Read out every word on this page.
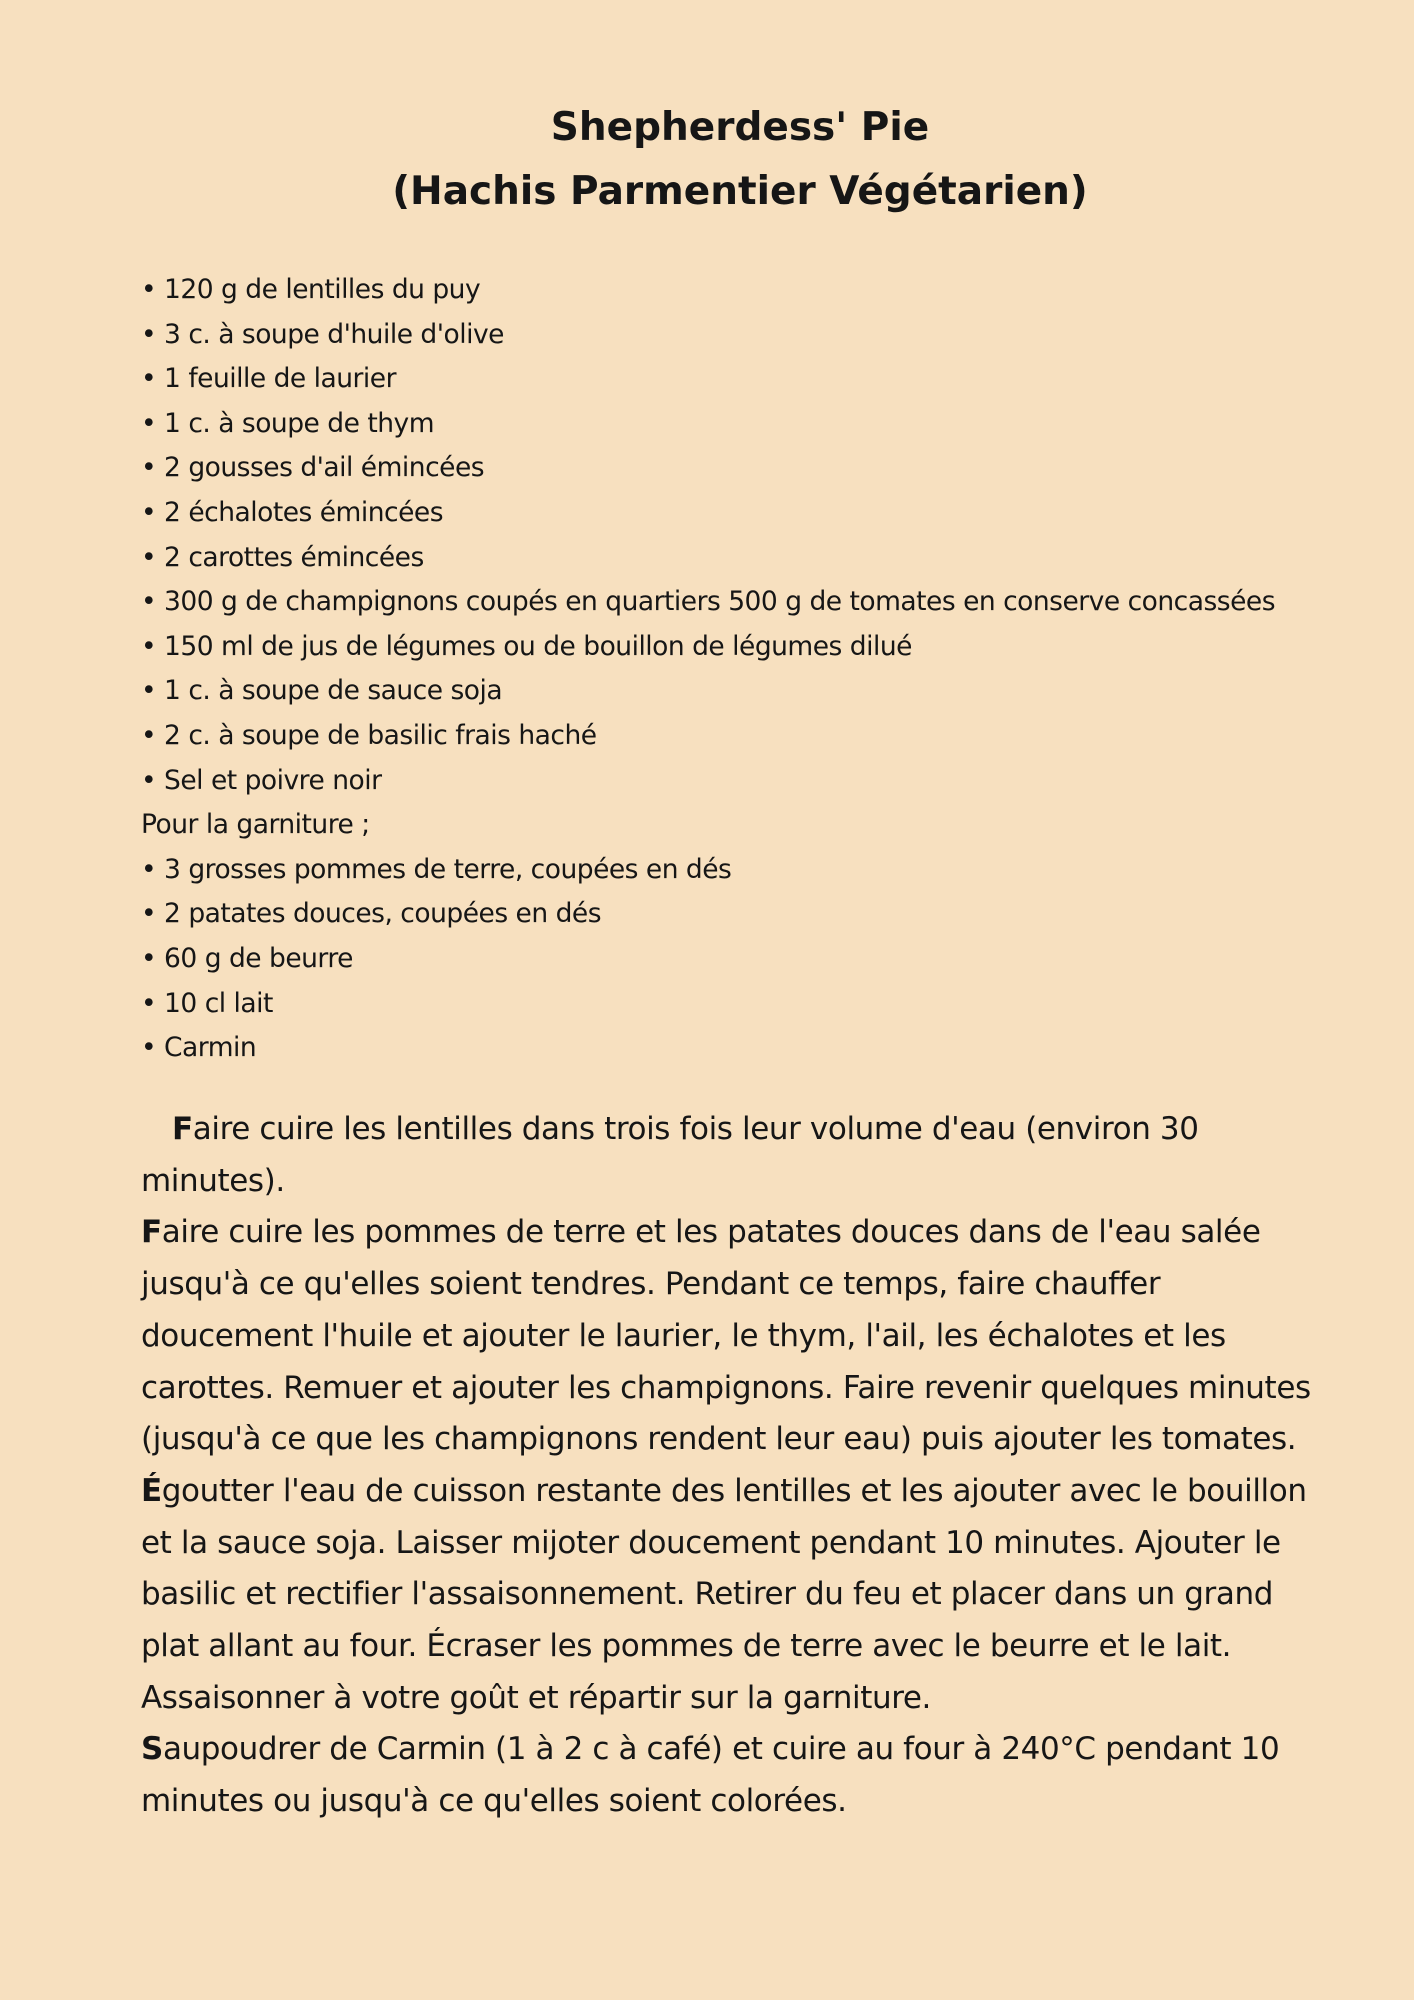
Shepherdess' Pie
(Hachis Parmentier Végétarien)
• 120 g de lentilles du puy
• 3 c. à soupe d'huile d'olive
• 1 feuille de laurier
• 1 c. à soupe de thym
• 2 gousses d'ail émincées
• 2 échalotes émincées
• 2 carottes émincées
• 300 g de champignons coupés en quartiers 500 g de tomates en conserve concassées
• 150 ml de jus de légumes ou de bouillon de légumes dilué
• 1 c. à soupe de sauce soja
• 2 c. à soupe de basilic frais haché
• Sel et poivre noir
Pour la garniture ;
• 3 grosses pommes de terre, coupées en dés
• 2 patates douces, coupées en dés
• 60 g de beurre
• 10 cl lait
• Carmin

Faire cuire les lentilles dans trois fois leur volume d'eau (environ 30 minutes).

Faire cuire les pommes de terre et les patates douces dans de l'eau salée jusqu'à ce qu'elles soient tendres. Pendant ce temps, faire chauffer doucement l'huile et ajouter le laurier, le thym, l'ail, les échalotes et les carottes. Remuer et ajouter les champignons. Faire revenir quelques minutes (jusqu'à ce que les champignons rendent leur eau) puis ajouter les tomates.

Égoutter l'eau de cuisson restante des lentilles et les ajouter avec le bouillon et la sauce soja. Laisser mijoter doucement pendant 10 minutes. Ajouter le basilic et rectifier l'assaisonnement. Retirer du feu et placer dans un grand plat allant au four. Écraser les pommes de terre avec le beurre et le lait. Assaisonner à votre goût et répartir sur la garniture.

Saupoudrer de Carmin (1 à 2 c à café) et cuire au four à 240°C pendant 10 minutes ou jusqu'à ce qu'elles soient colorées.
